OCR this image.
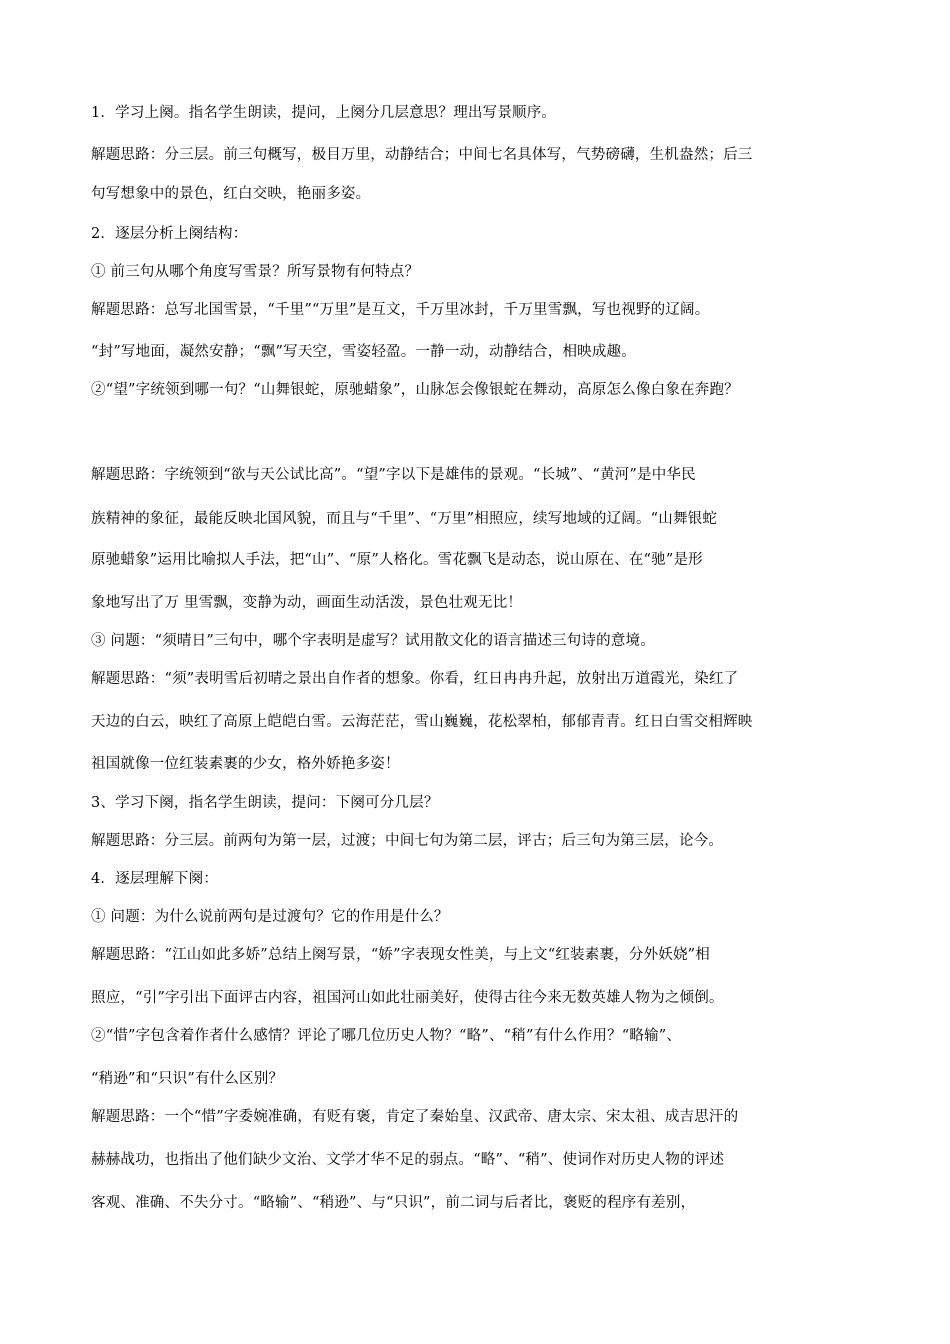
1．学习上阕。指名学生朗读，提问，上阕分几层意思？理出写景顺序。
解题思路：分三层。前三句概写，极目万里，动静结合；中间七名具体写，气势磅礴，生机盎然；后三
句写想象中的景色，红白交映，艳丽多姿。
2．逐层分析上阕结构：
① 前三句从哪个角度写雪景？所写景物有何特点？
解题思路：总写北国雪景，“千里”“万里”是互文，千万里冰封，千万里雪飘，写也视野的辽阔。
“封”写地面，凝然安静；“飘”写天空，雪姿轻盈。一静一动，动静结合，相映成趣。
②“望”字统领到哪一句？“山舞银蛇，原驰蜡象”，山脉怎会像银蛇在舞动，高原怎么像白象在奔跑？
解题思路：字统领到“欲与天公试比高”。“望”字以下是雄伟的景观。“长城”、“黄河”是中华民
族精神的象征，最能反映北国风貌，而且与“千里”、“万里”相照应，续写地域的辽阔。“山舞银蛇
原驰蜡象”运用比喻拟人手法，把“山”、“原”人格化。雪花飘飞是动态，说山原在、在“驰”是形
象地写出了万 里雪飘，变静为动，画面生动活泼，景色壮观无比！
③ 问题：“须晴日”三句中，哪个字表明是虚写？试用散文化的语言描述三句诗的意境。
解题思路：“须”表明雪后初晴之景出自作者的想象。你看，红日冉冉升起，放射出万道霞光，染红了
天边的白云，映红了高原上皑皑白雪。云海茫茫，雪山巍巍，花松翠柏，郁郁青青。红日白雪交相辉映
祖国就像一位红装素裹的少女，格外娇艳多姿！
3、学习下阕，指名学生朗读，提问：下阕可分几层？
解题思路：分三层。前两句为第一层，过渡；中间七句为第二层，评古；后三句为第三层，论今。
4．逐层理解下阕：
① 问题：为什么说前两句是过渡句？它的作用是什么？
解题思路：“江山如此多娇”总结上阕写景，“娇”字表现女性美，与上文“红装素裹，分外妖娆”相
照应，“引”字引出下面评古内容，祖国河山如此壮丽美好，使得古往今来无数英雄人物为之倾倒。
②“惜”字包含着作者什么感情？评论了哪几位历史人物？“略”、“稍”有什么作用？“略输”、
“稍逊”和“只识”有什么区别？
解题思路：一个“惜”字委婉准确，有贬有褒，肯定了秦始皇、汉武帝、唐太宗、宋太祖、成吉思汗的
赫赫战功，也指出了他们缺少文治、文学才华不足的弱点。“略”、“稍”、使词作对历史人物的评述
客观、准确、不失分寸。“略输”、“稍逊”、与“只识”，前二词与后者比，褒贬的程序有差别，
